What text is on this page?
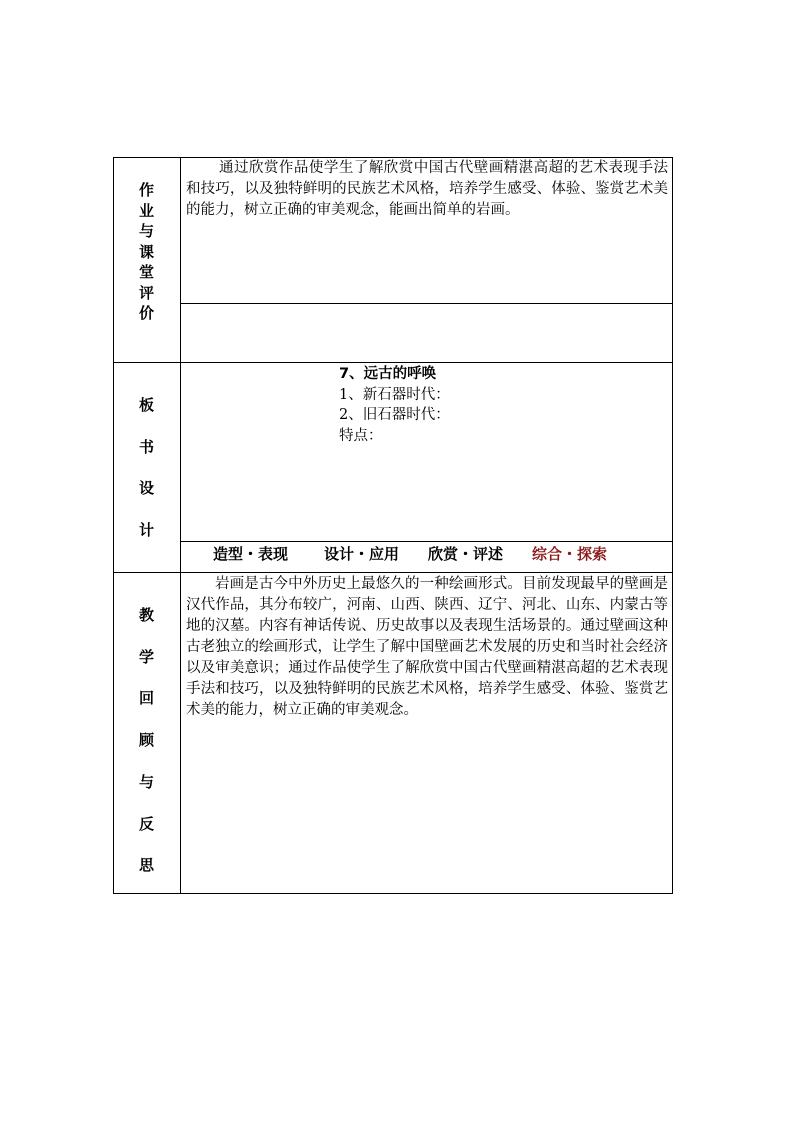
作
业
与
课
堂
评
价
通过欣赏作品使学生了解欣赏中国古代壁画精湛高超的艺术表现手法和技巧，以及独特鲜明的民族艺术风格，培养学生感受、体验、鉴赏艺术美的能力，树立正确的审美观念，能画出简单的岩画。
板
书
设
计
7、远古的呼唤
1、新石器时代：
2、旧石器时代：
特点：
造型・表现 设计・应用 欣赏・评述 综合・探索
教
学
回
顾
与
反
思
岩画是古今中外历史上最悠久的一种绘画形式。目前发现最早的壁画是汉代作品，其分布较广，河南、山西、陕西、辽宁、河北、山东、内蒙古等地的汉墓。内容有神话传说、历史故事以及表现生活场景的。通过壁画这种古老独立的绘画形式，让学生了解中国壁画艺术发展的历史和当时社会经济以及审美意识；通过作品使学生了解欣赏中国古代壁画精湛高超的艺术表现手法和技巧，以及独特鲜明的民族艺术风格，培养学生感受、体验、鉴赏艺术美的能力，树立正确的审美观念。
